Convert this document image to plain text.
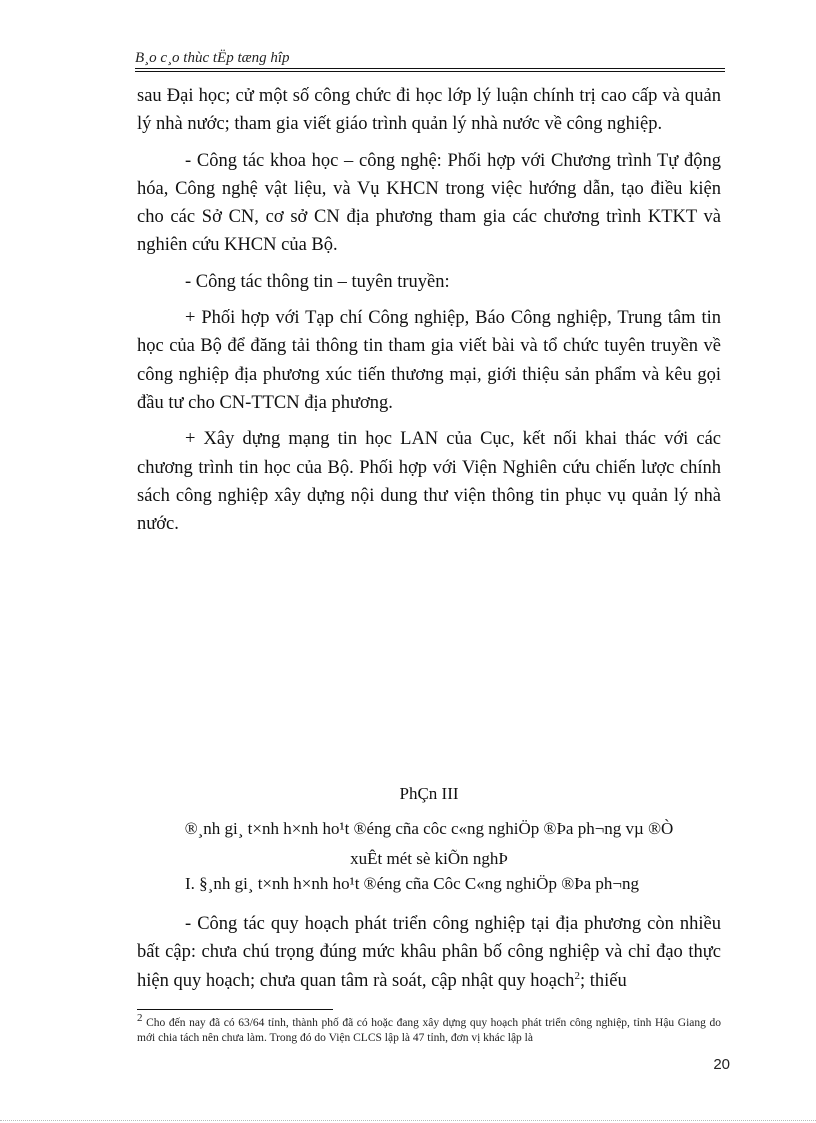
B¸o c¸o thùc tËp tæng hîp

sau Đại học; cử một số công chức đi học lớp lý luận chính trị cao cấp và quản lý nhà nước; tham gia viết giáo trình quản lý nhà nước về công nghiệp.

- Công tác khoa học – công nghệ: Phối hợp với Chương trình Tự động hóa, Công nghệ vật liệu, và Vụ KHCN trong việc hướng dẫn, tạo điều kiện cho các Sở CN, cơ sở CN địa phương tham gia các chương trình KTKT và nghiên cứu KHCN của Bộ.

- Công tác thông tin – tuyên truyền:

+ Phối hợp với Tạp chí Công nghiệp, Báo Công nghiệp, Trung tâm tin học của Bộ để đăng tải thông tin tham gia viết bài và tổ chức tuyên truyền về công nghiệp địa phương xúc tiến thương mại, giới thiệu sản phẩm và kêu gọi đầu tư cho CN-TTCN địa phương.

+ Xây dựng mạng tin học LAN của Cục, kết nối khai thác với các chương trình tin học của Bộ. Phối hợp với Viện Nghiên cứu chiến lược chính sách công nghiệp xây dựng nội dung thư viện thông tin phục vụ quản lý nhà nước.

PhÇn III
®¸nh gi¸ t×nh h×nh ho¹t ®éng cña côc c«ng nghiÖp ®Þa ph¬ng vµ ®Ò
xuÊt mét sè kiÕn nghÞ
I. §¸nh gi¸ t×nh h×nh ho¹t ®éng cña Côc C«ng nghiÖp ®Þa ph¬ng

- Công tác quy hoạch phát triển công nghiệp tại địa phương còn nhiều bất cập: chưa chú trọng đúng mức khâu phân bố công nghiệp và chỉ đạo thực hiện quy hoạch; chưa quan tâm rà soát, cập nhật quy hoạch$^2$; thiếu

$^2$ Cho đến nay đã có 63/64 tỉnh, thành phố đã có hoặc đang xây dựng quy hoạch phát triển công nghiệp, tỉnh Hậu Giang do mới chia tách nên chưa làm. Trong đó do Viện CLCS lập là 47 tỉnh, đơn vị khác lập là
20
